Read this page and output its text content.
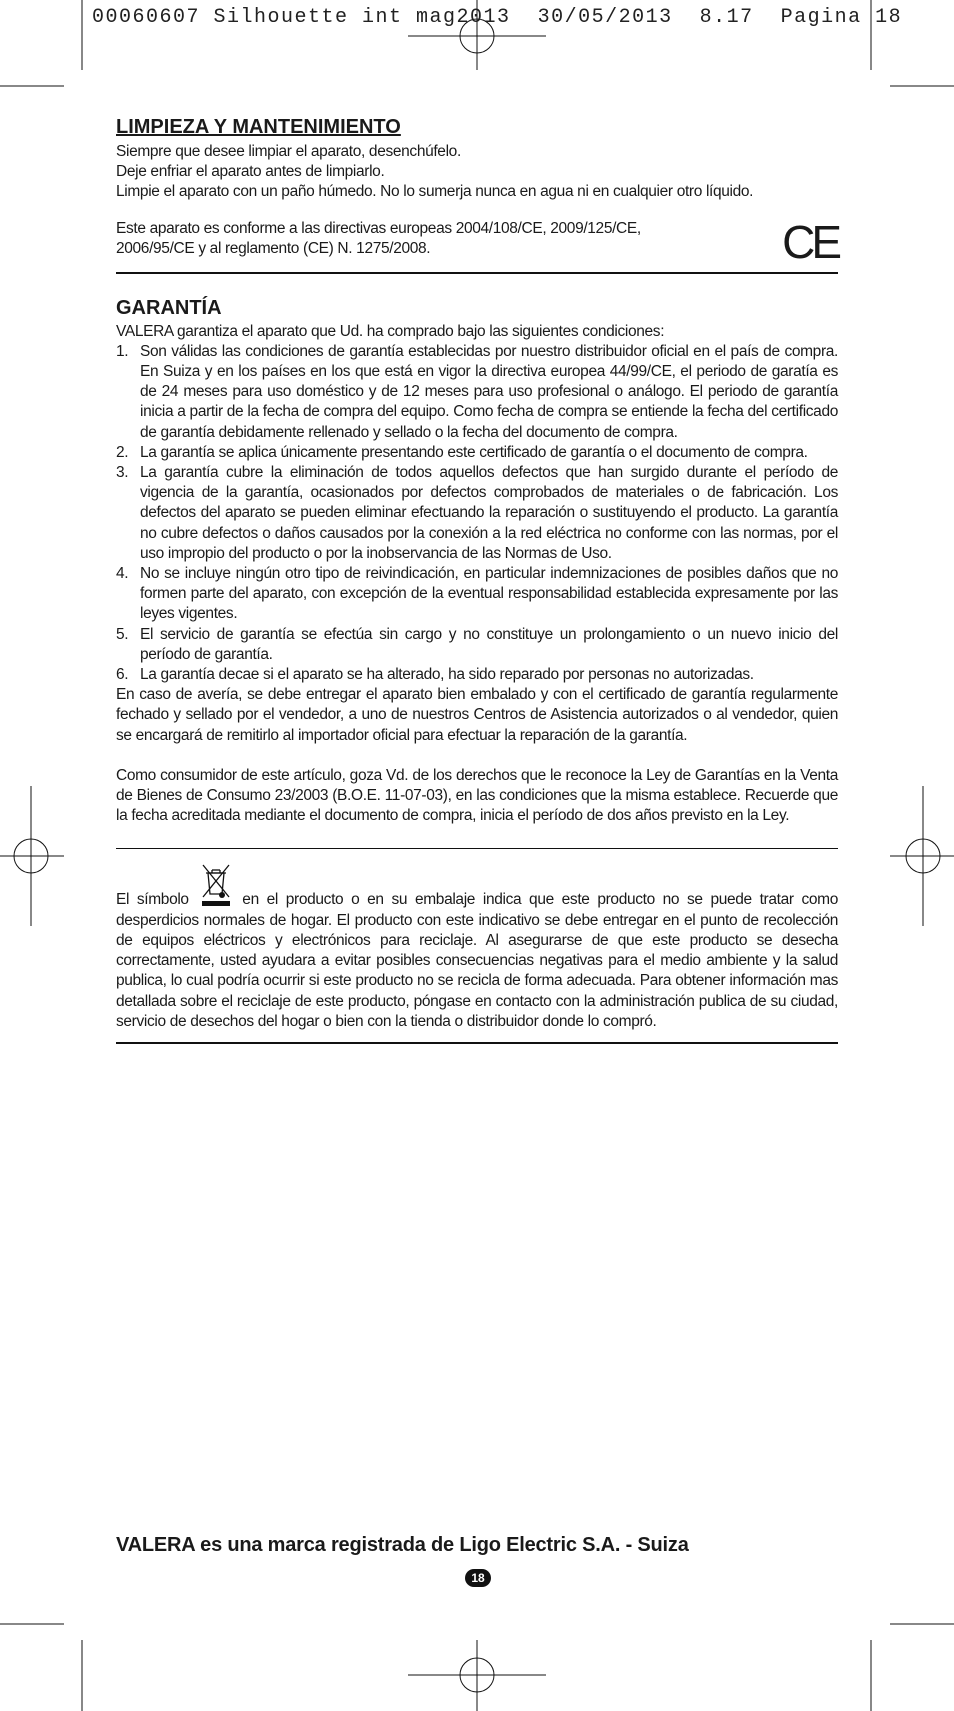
00060607 Silhouette int mag2013  30/05/2013  8.17  Pagina 18
LIMPIEZA Y MANTENIMIENTO
Siempre que desee limpiar el aparato, desenchúfelo.
Deje enfriar el aparato antes de limpiarlo.
Limpie el aparato con un paño húmedo. No lo sumerja nunca en agua ni en cualquier otro líquido.
Este aparato es conforme a las directivas europeas 2004/108/CE, 2009/125/CE, 2006/95/CE y al reglamento (CE) N. 1275/2008.	CE
GARANTÍA
VALERA garantiza el aparato que Ud. ha comprado bajo las siguientes condiciones:
1. Son válidas las condiciones de garantía establecidas por nuestro distribuidor oficial en el país de compra. En Suiza y en los países en los que está en vigor la directiva europea 44/99/CE, el periodo de garatía es de 24 meses para uso doméstico y de 12 meses para uso profesional o análogo. El periodo de garantía inicia a partir de la fecha de compra del equipo. Como fecha de compra se entiende la fecha del certificado de garantía debidamente rellenado y sellado o la fecha del documento de compra.
2. La garantía se aplica únicamente presentando este certificado de garantía o el documento de compra.
3. La garantía cubre la eliminación de todos aquellos defectos que han surgido durante el período de vigencia de la garantía, ocasionados por defectos comprobados de materiales o de fabricación. Los defectos del aparato se pueden eliminar efectuando la reparación o sustituyendo el producto. La garantía no cubre defectos o daños causados por la conexión a la red eléctrica no conforme con las normas, por el uso impropio del producto o por la inobservancia de las Normas de Uso.
4. No se incluye ningún otro tipo de reivindicación, en particular indemnizaciones de posibles daños que no formen parte del aparato, con excepción de la eventual responsabilidad establecida expresamente por las leyes vigentes.
5. El servicio de garantía se efectúa sin cargo y no constituye un prolongamiento o un nuevo inicio del período de garantía.
6. La garantía decae si el aparato se ha alterado, ha sido reparado por personas no autorizadas.
En caso de avería, se debe entregar el aparato bien embalado y con el certificado de garantía regularmente fechado y sellado por el vendedor, a uno de nuestros Centros de Asistencia autorizados o al vendedor, quien se encargará de remitirlo al importador oficial para efectuar la reparación de la garantía.
Como consumidor de este artículo, goza Vd. de los derechos que le reconoce la Ley de Garantías en la Venta de Bienes de Consumo 23/2003 (B.O.E. 11-07-03), en las condiciones que la misma establece. Recuerde que la fecha acreditada mediante el documento de compra, inicia el período de dos años previsto en la Ley.
El símbolo	en el producto o en su embalaje indica que este producto no se puede tratar como desperdicios normales de hogar. El producto con este indicativo se debe entregar en el punto de recolección de equipos eléctricos y electrónicos para reciclaje. Al asegurarse de que este producto se desecha correctamente, usted ayudara a evitar posibles consecuencias negativas para el medio ambiente y la salud publica, lo cual podría ocurrir si este producto no se recicla de forma adecuada. Para obtener información mas detallada sobre el reciclaje de este producto, póngase en contacto con la administración publica de su ciudad, servicio de desechos del hogar o bien con la tienda o distribuidor donde lo compró.
VALERA es una marca registrada de Ligo Electric S.A. - Suiza
18
